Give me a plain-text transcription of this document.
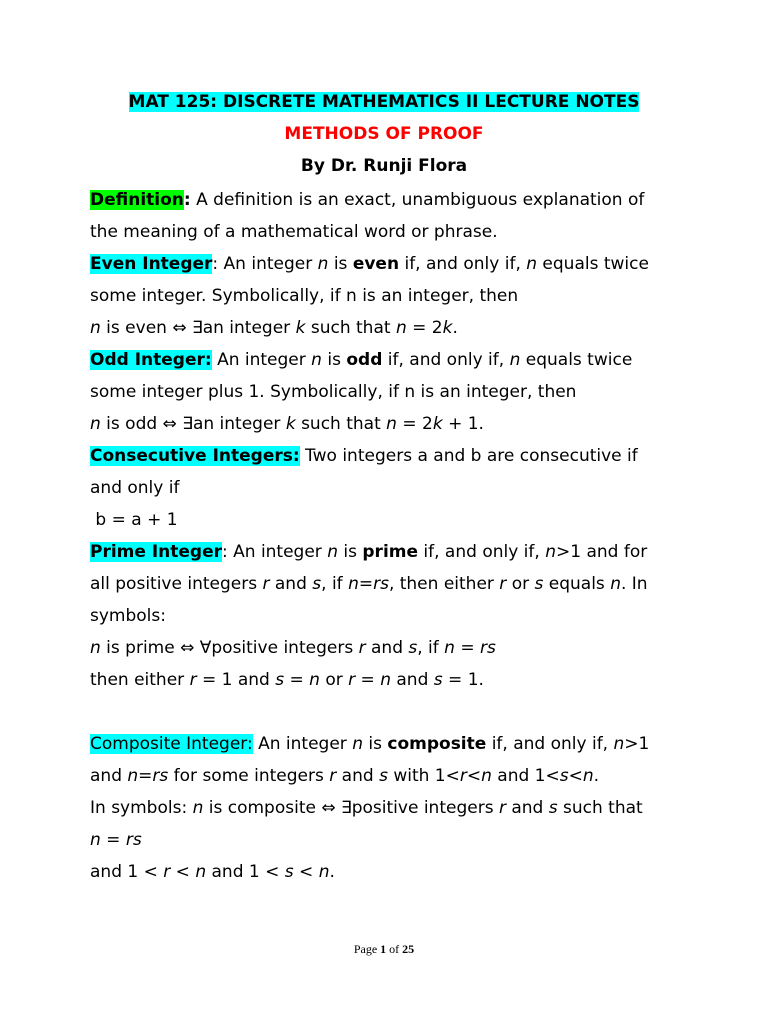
MAT 125: DISCRETE MATHEMATICS II LECTURE NOTES
METHODS OF PROOF
By Dr. Runji Flora
Definition: A definition is an exact, unambiguous explanation of
the meaning of a mathematical word or phrase.
Even Integer: An integer n is even if, and only if, n equals twice
some integer. Symbolically, if n is an integer, then
n is even ⇔ ∃an integer k such that n = 2k.
Odd Integer: An integer n is odd if, and only if, n equals twice
some integer plus 1. Symbolically, if n is an integer, then
n is odd ⇔ ∃an integer k such that n = 2k + 1.
Consecutive Integers: Two integers a and b are consecutive if
and only if
b = a + 1
Prime Integer: An integer n is prime if, and only if, n>1 and for
all positive integers r and s, if n=rs, then either r or s equals n. In
symbols:
n is prime ⇔ ∀positive integers r and s, if n = rs
then either r = 1 and s = n or r = n and s = 1.
Composite Integer: An integer n is composite if, and only if, n>1
and n=rs for some integers r and s with 1<r<n and 1<s<n.
In symbols: n is composite ⇔ ∃positive integers r and s such that
n = rs
and 1 < r < n and 1 < s < n.
Page 1 of 25
